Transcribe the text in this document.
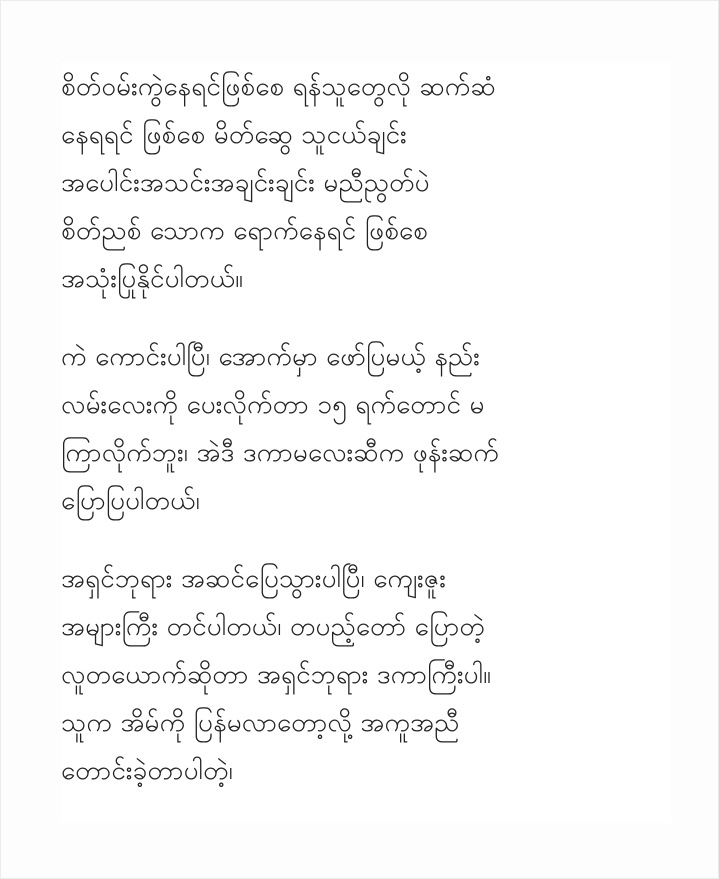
စိတ်ဝမ်းကွဲနေရင်ဖြစ်စေ ရန်သူတွေလို ဆက်ဆံ
နေရရင် ဖြစ်စေ မိတ်ဆွေ သူငယ်ချင်း
အပေါင်းအသင်းအချင်းချင်း မညီညွတ်ပဲ
စိတ်ညစ် သောက ရောက်နေရင် ဖြစ်စေ
အသုံးပြုနိုင်ပါတယ်။

ကဲ ကောင်းပါပြီ၊ အောက်မှာ ဖော်ပြမယ့် နည်း
လမ်းလေးကို ပေးလိုက်တာ ၁၅ ရက်တောင် မ
ကြာလိုက်ဘူး၊ အဲဒီ ဒကာမလေးဆီက ဖုန်းဆက်
ပြောပြပါတယ်၊

အရှင်ဘုရား အဆင်ပြေသွားပါပြီ၊ ကျေးဇူး
အများကြီး တင်ပါတယ်၊ တပည့်တော် ပြောတဲ့
လူတယောက်ဆိုတာ အရှင်ဘုရား ဒကာကြီးပါ။
သူက အိမ်ကို ပြန်မလာတော့လို့ အကူအညီ
တောင်းခဲ့တာပါတဲ့၊
